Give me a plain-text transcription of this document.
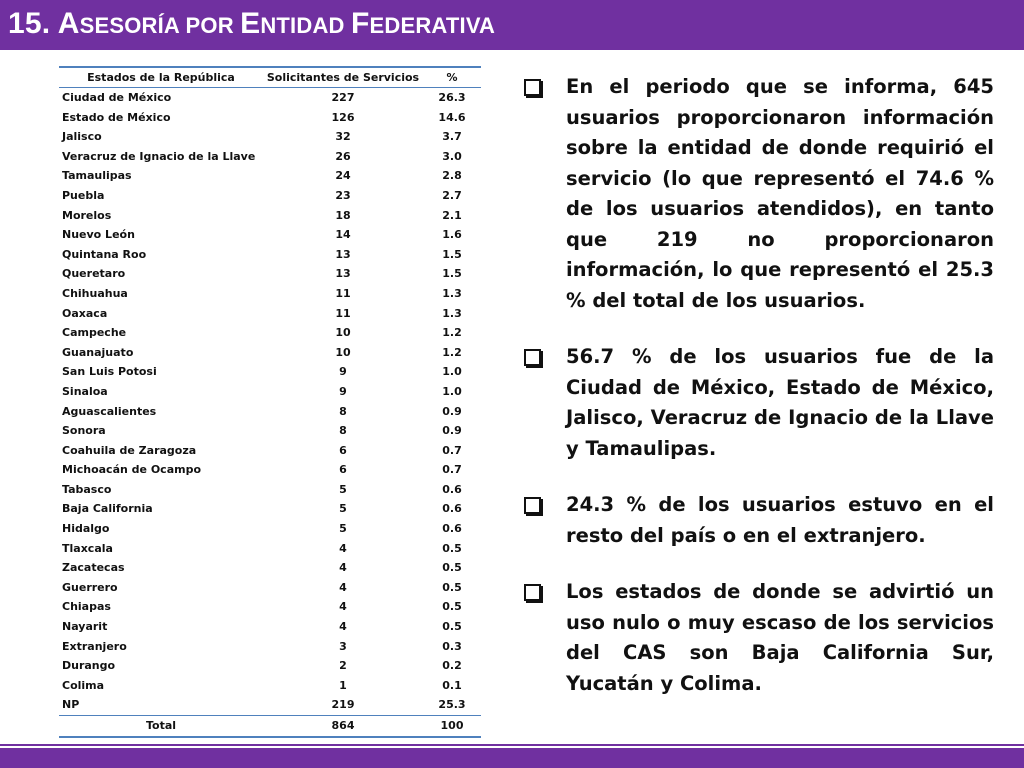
15. ASESORÍA POR ENTIDAD FEDERATIVA
Estados de la República	Solicitantes de Servicios	%
Ciudad de México	227	26.3
Estado de México	126	14.6
Jalisco	32	3.7
Veracruz de Ignacio de la Llave	26	3.0
Tamaulipas	24	2.8
Puebla	23	2.7
Morelos	18	2.1
Nuevo León	14	1.6
Quintana Roo	13	1.5
Queretaro	13	1.5
Chihuahua	11	1.3
Oaxaca	11	1.3
Campeche	10	1.2
Guanajuato	10	1.2
San Luis Potosi	9	1.0
Sinaloa	9	1.0
Aguascalientes	8	0.9
Sonora	8	0.9
Coahuila de Zaragoza	6	0.7
Michoacán de Ocampo	6	0.7
Tabasco	5	0.6
Baja California	5	0.6
Hidalgo	5	0.6
Tlaxcala	4	0.5
Zacatecas	4	0.5
Guerrero	4	0.5
Chiapas	4	0.5
Nayarit	4	0.5
Extranjero	3	0.3
Durango	2	0.2
Colima	1	0.1
NP	219	25.3
Total	864	100

En el periodo que se informa, 645 usuarios proporcionaron información sobre la entidad de donde requirió el servicio (lo que representó el 74.6 % de los usuarios atendidos), en tanto que 219 no proporcionaron información, lo que representó el 25.3 % del total de los usuarios.

56.7 % de los usuarios fue de la Ciudad de México, Estado de México, Jalisco, Veracruz de Ignacio de la Llave y Tamaulipas.

24.3 % de los usuarios estuvo en el resto del país o en el extranjero.

Los estados de donde se advirtió un uso nulo o muy escaso de los servicios del CAS son Baja California Sur, Yucatán y Colima.
